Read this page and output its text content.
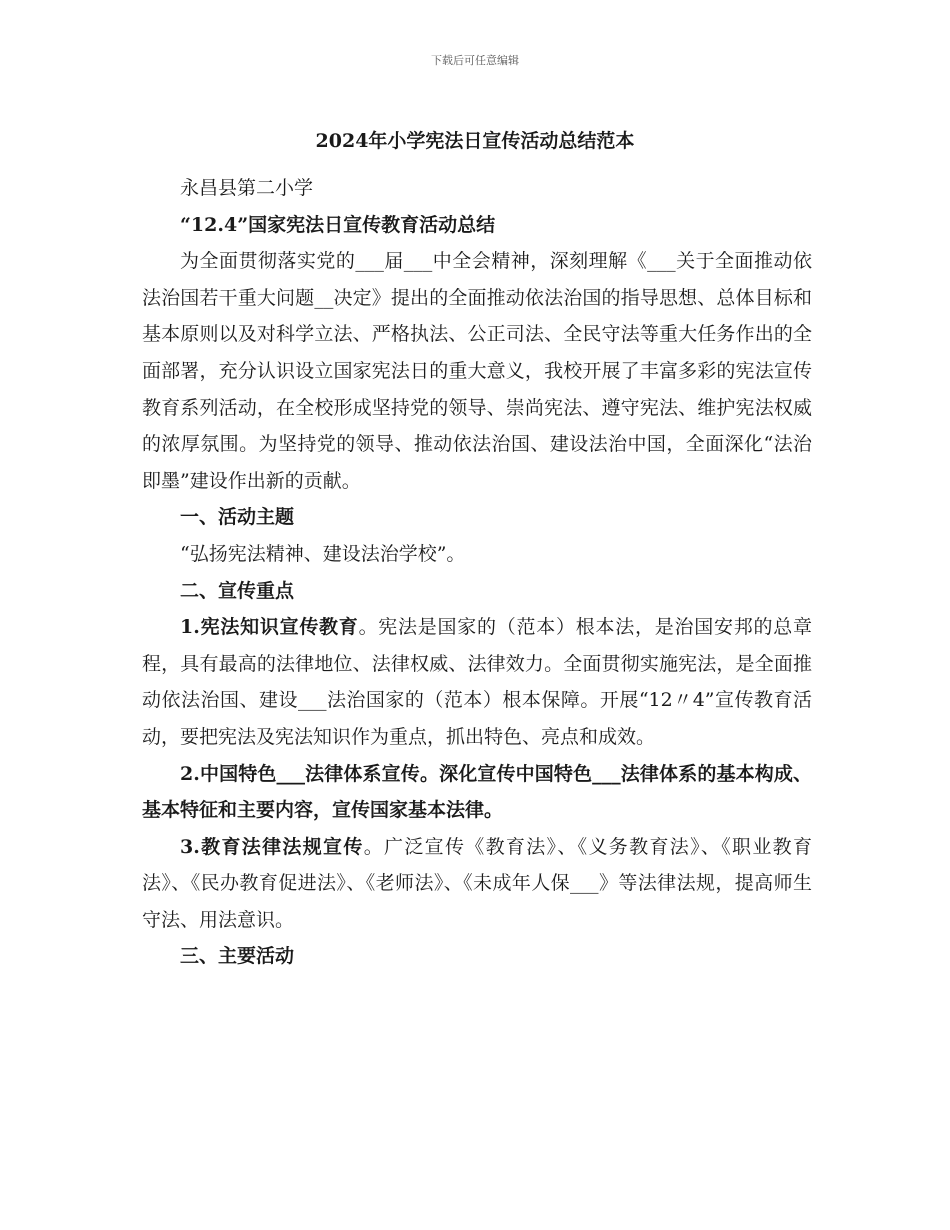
下载后可任意编辑
2024年小学宪法日宣传活动总结范本

永昌县第二小学

“12.4”国家宪法日宣传教育活动总结

为全面贯彻落实党的___届___中全会精神，深刻理解《___关于全面推动依法治国若干重大问题__决定》提出的全面推动依法治国的指导思想、总体目标和基本原则以及对科学立法、严格执法、公正司法、全民守法等重大任务作出的全面部署，充分认识设立国家宪法日的重大意义，我校开展了丰富多彩的宪法宣传教育系列活动，在全校形成坚持党的领导、崇尚宪法、遵守宪法、维护宪法权威的浓厚氛围。为坚持党的领导、推动依法治国、建设法治中国，全面深化“法治即墨”建设作出新的贡献。

一、活动主题

“弘扬宪法精神、建设法治学校”。

二、宣传重点

1.宪法知识宣传教育。宪法是国家的（范本）根本法，是治国安邦的总章程，具有最高的法律地位、法律权威、法律效力。全面贯彻实施宪法，是全面推动依法治国、建设___法治国家的（范本）根本保障。开展“12〃4”宣传教育活动，要把宪法及宪法知识作为重点，抓出特色、亮点和成效。

2.中国特色___法律体系宣传。深化宣传中国特色___法律体系的基本构成、基本特征和主要内容，宣传国家基本法律。

3.教育法律法规宣传。广泛宣传《教育法》、《义务教育法》、《职业教育法》、《民办教育促进法》、《老师法》、《未成年人保___》等法律法规，提高师生守法、用法意识。

三、主要活动
